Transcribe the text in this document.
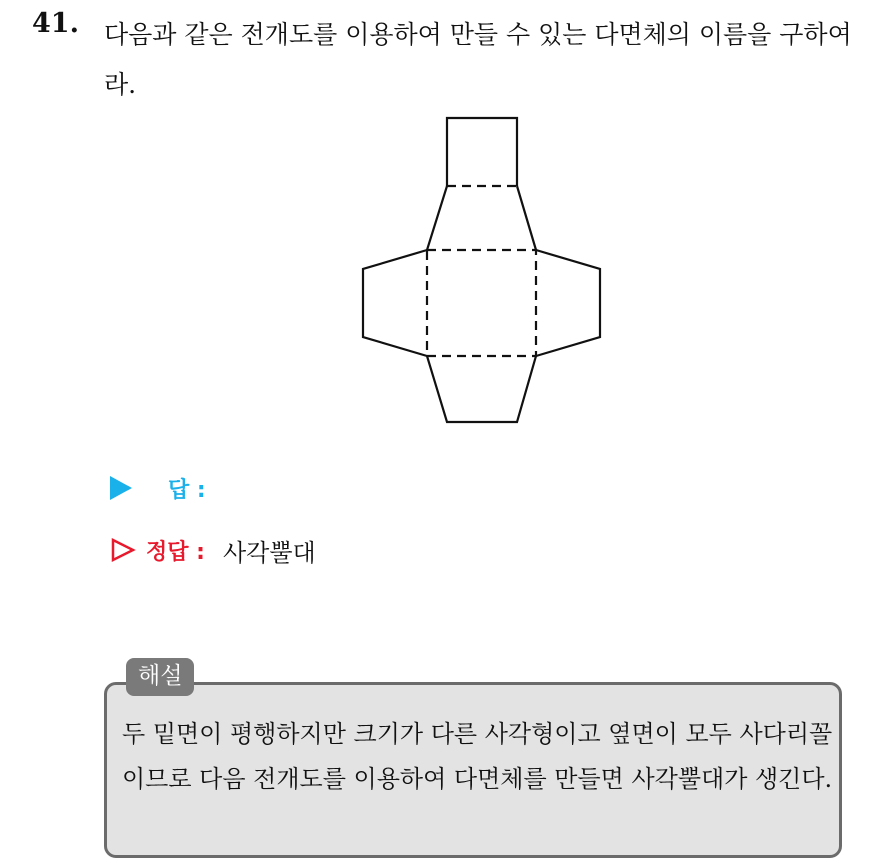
41. 다음과 같은 전개도를 이용하여 만들 수 있는 다면체의 이름을 구하여라.
답 :
정답 : 사각뿔대
해설
두 밑면이 평행하지만 크기가 다른 사각형이고 옆면이 모두 사다리꼴이므로 다음 전개도를 이용하여 다면체를 만들면 사각뿔대가 생긴다.
